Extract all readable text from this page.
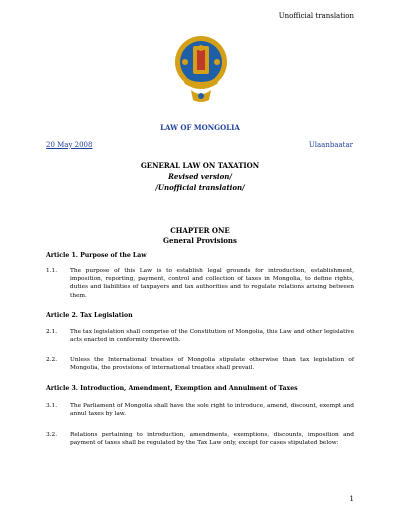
Unofficial translation
LAW OF MONGOLIA
20 May 2008	Ulaanbaatar
GENERAL LAW ON TAXATION
Revised version/
/Unofficial translation/
CHAPTER ONE
General Provisions
Article 1. Purpose of the Law
1.1. The purpose of this Law is to establish legal grounds for introduction, establishment, imposition, reporting, payment, control and collection of taxes in Mongolia, to define rights, duties and liabilities of taxpayers and tax authorities and to regulate relations arising between them.
Article 2. Tax Legislation
2.1. The tax legislation shall comprise of the Constitution of Mongolia, this Law and other legislative acts enacted in conformity therewith.
2.2. Unless the International treaties of Mongolia stipulate otherwise than tax legislation of Mongolia, the provisions of international treaties shall prevail.
Article 3. Introduction, Amendment, Exemption and Annulment of Taxes
3.1. The Parliament of Mongolia shall have the sole right to introduce, amend, discount, exempt and annul taxes by law.
3.2. Relations pertaining to introduction, amendments, exemptions, discounts, imposition and payment of taxes shall be regulated by the Tax Law only, except for cases stipulated below:
1
